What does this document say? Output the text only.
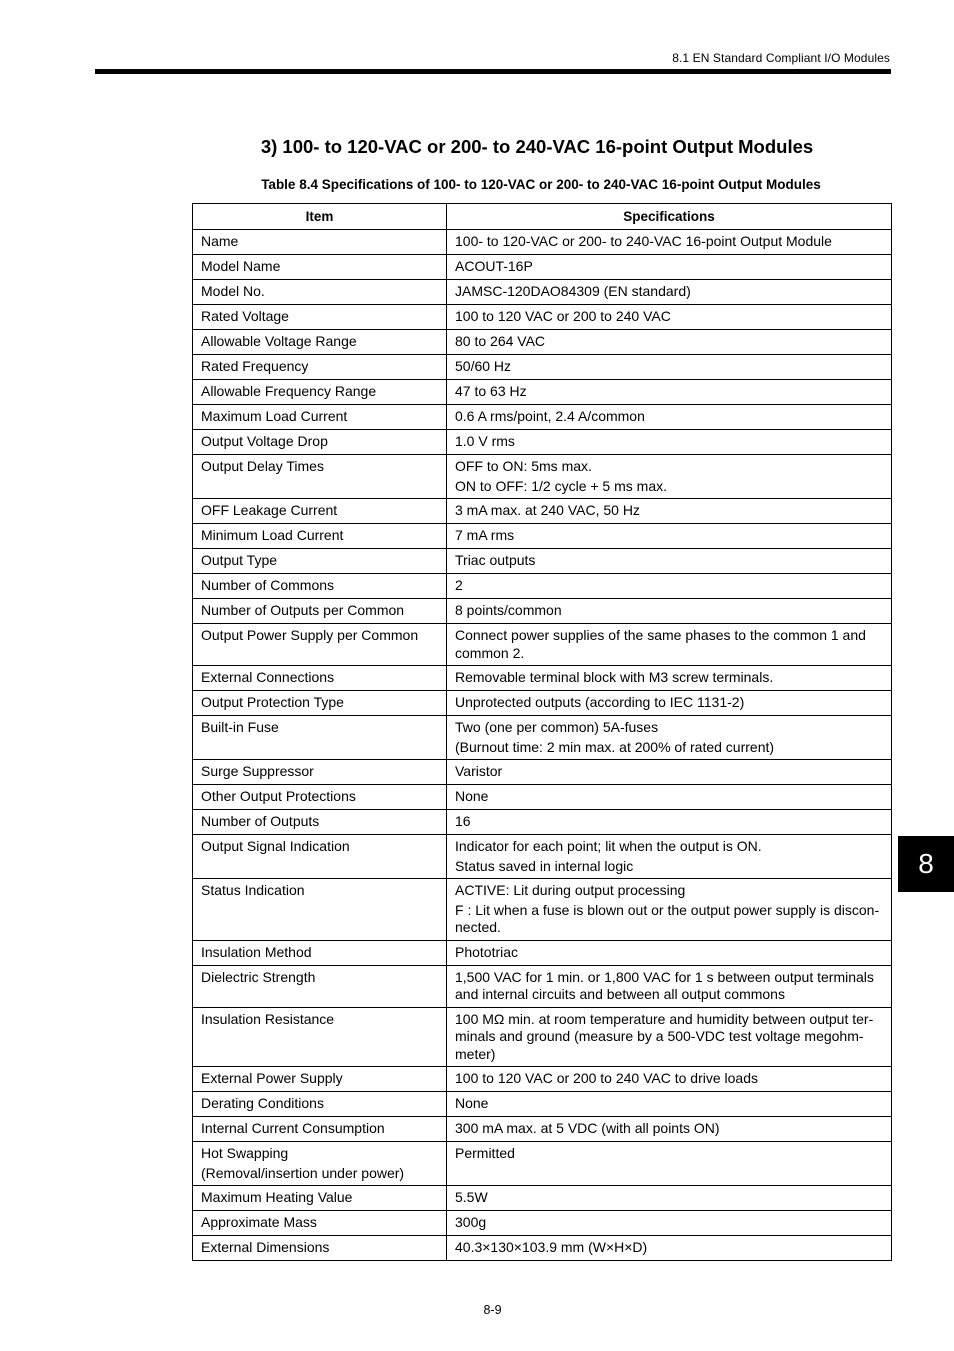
8.1 EN Standard Compliant I/O Modules
3) 100- to 120-VAC or 200- to 240-VAC 16-point Output Modules
Table 8.4 Specifications of 100- to 120-VAC or 200- to 240-VAC 16-point Output Modules
Item	Specifications

Name	100- to 120-VAC or 200- to 240-VAC 16-point Output Module

Model Name	ACOUT-16P

Model No.	JAMSC-120DAO84309 (EN standard)

Rated Voltage	100 to 120 VAC or 200 to 240 VAC

Allowable Voltage Range	80 to 264 VAC

Rated Frequency	50/60 Hz

Allowable Frequency Range	47 to 63 Hz

Maximum Load Current	0.6 A rms/point, 2.4 A/common

Output Voltage Drop	1.0 V rms

Output Delay Times	OFF to ON: 5ms max.
ON to OFF: 1/2 cycle + 5 ms max.

OFF Leakage Current	3 mA max. at 240 VAC, 50 Hz

Minimum Load Current	7 mA rms

Output Type	Triac outputs

Number of Commons	2

Number of Outputs per Common	8 points/common

Output Power Supply per Common	Connect power supplies of the same phases to the common 1 and common 2.

External Connections	Removable terminal block with M3 screw terminals.

Output Protection Type	Unprotected outputs (according to IEC 1131-2)

Built-in Fuse	Two (one per common) 5A-fuses
(Burnout time: 2 min max. at 200% of rated current)

Surge Suppressor	Varistor

Other Output Protections	None

Number of Outputs	16

Output Signal Indication	Indicator for each point; lit when the output is ON.
Status saved in internal logic

Status Indication	ACTIVE: Lit during output processing
F : Lit when a fuse is blown out or the output power supply is discon-nected.

Insulation Method	Phototriac

Dielectric Strength	1,500 VAC for 1 min. or 1,800 VAC for 1 s between output terminals and internal circuits and between all output commons

Insulation Resistance	100 MΩ min. at room temperature and humidity between output ter-minals and ground (measure by a 500-VDC test voltage megohm-meter)

External Power Supply	100 to 120 VAC or 200 to 240 VAC to drive loads

Derating Conditions	None

Internal Current Consumption	300 mA max. at 5 VDC (with all points ON)

Hot Swapping
(Removal/insertion under power)	Permitted

Maximum Heating Value	5.5W

Approximate Mass	300g

External Dimensions	40.3×130×103.9 mm (W×H×D)
8
8-9
